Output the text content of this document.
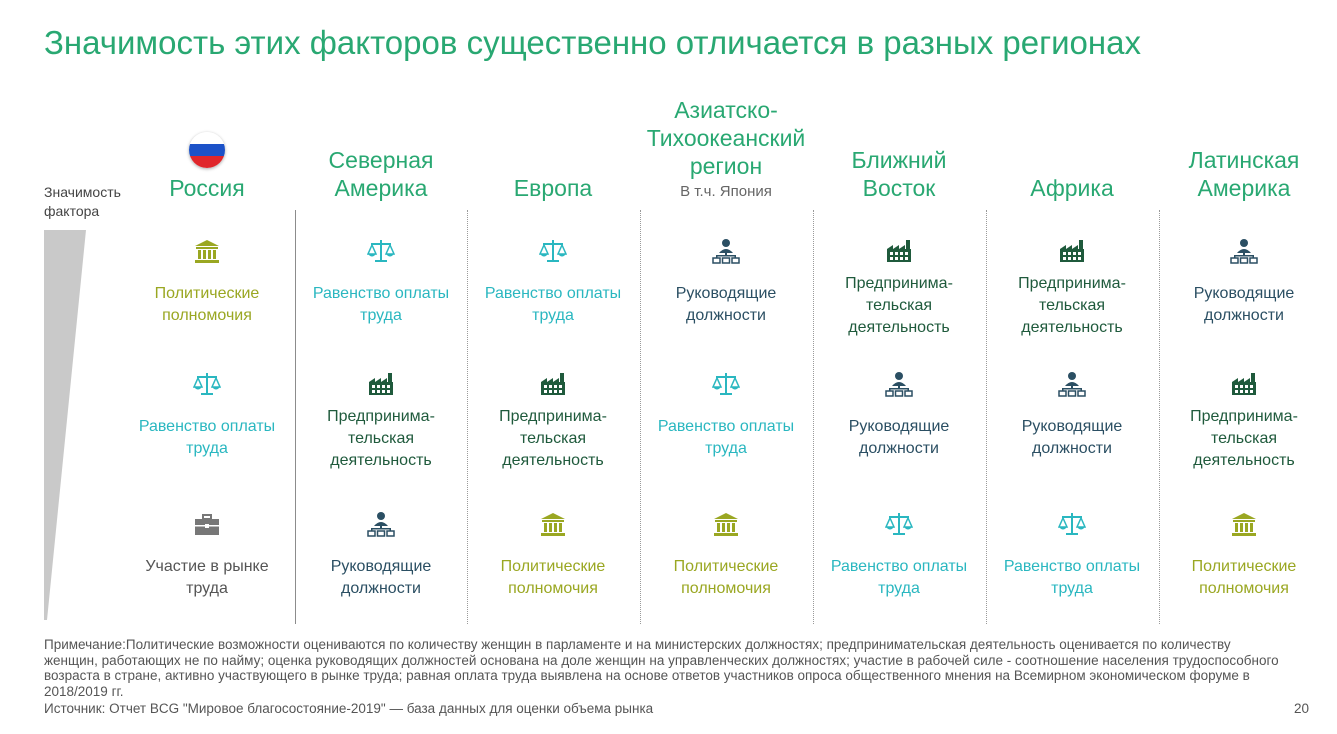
Значимость этих факторов существенно отличается в разных регионах
Значимость фактора
Россия
Политические полномочия
Равенство оплаты труда
Участие в рынке труда
Северная Америка
Равенство оплаты труда
Предпринима-тельская деятельность
Руководящие должности
Европа
Равенство оплаты труда
Предпринима-тельская деятельность
Политические полномочия
Азиатско-Тихоокеанский регион
В т.ч. Япония
Руководящие должности
Равенство оплаты труда
Политические полномочия
Ближний Восток
Предпринима-тельская деятельность
Руководящие должности
Равенство оплаты труда
Африка
Предпринима-тельская деятельность
Руководящие должности
Равенство оплаты труда
Латинская Америка
Руководящие должности
Предпринима-тельская деятельность
Политические полномочия
Примечание:Политические возможности оцениваются по количеству женщин в парламенте и на министерских должностях; предпринимательская деятельность оценивается по количеству женщин, работающих не по найму; оценка руководящих должностей основана на доле женщин на управленческих должностях; участие в рабочей силе - соотношение населения трудоспособного возраста в стране, активно участвующего в рынке труда; равная оплата труда выявлена на основе ответов участников опроса общественного мнения на Всемирном экономическом форуме в 2018/2019 гг.
Источник: Отчет BCG "Мировое благосостояние-2019" — база данных для оценки объема рынка	20
